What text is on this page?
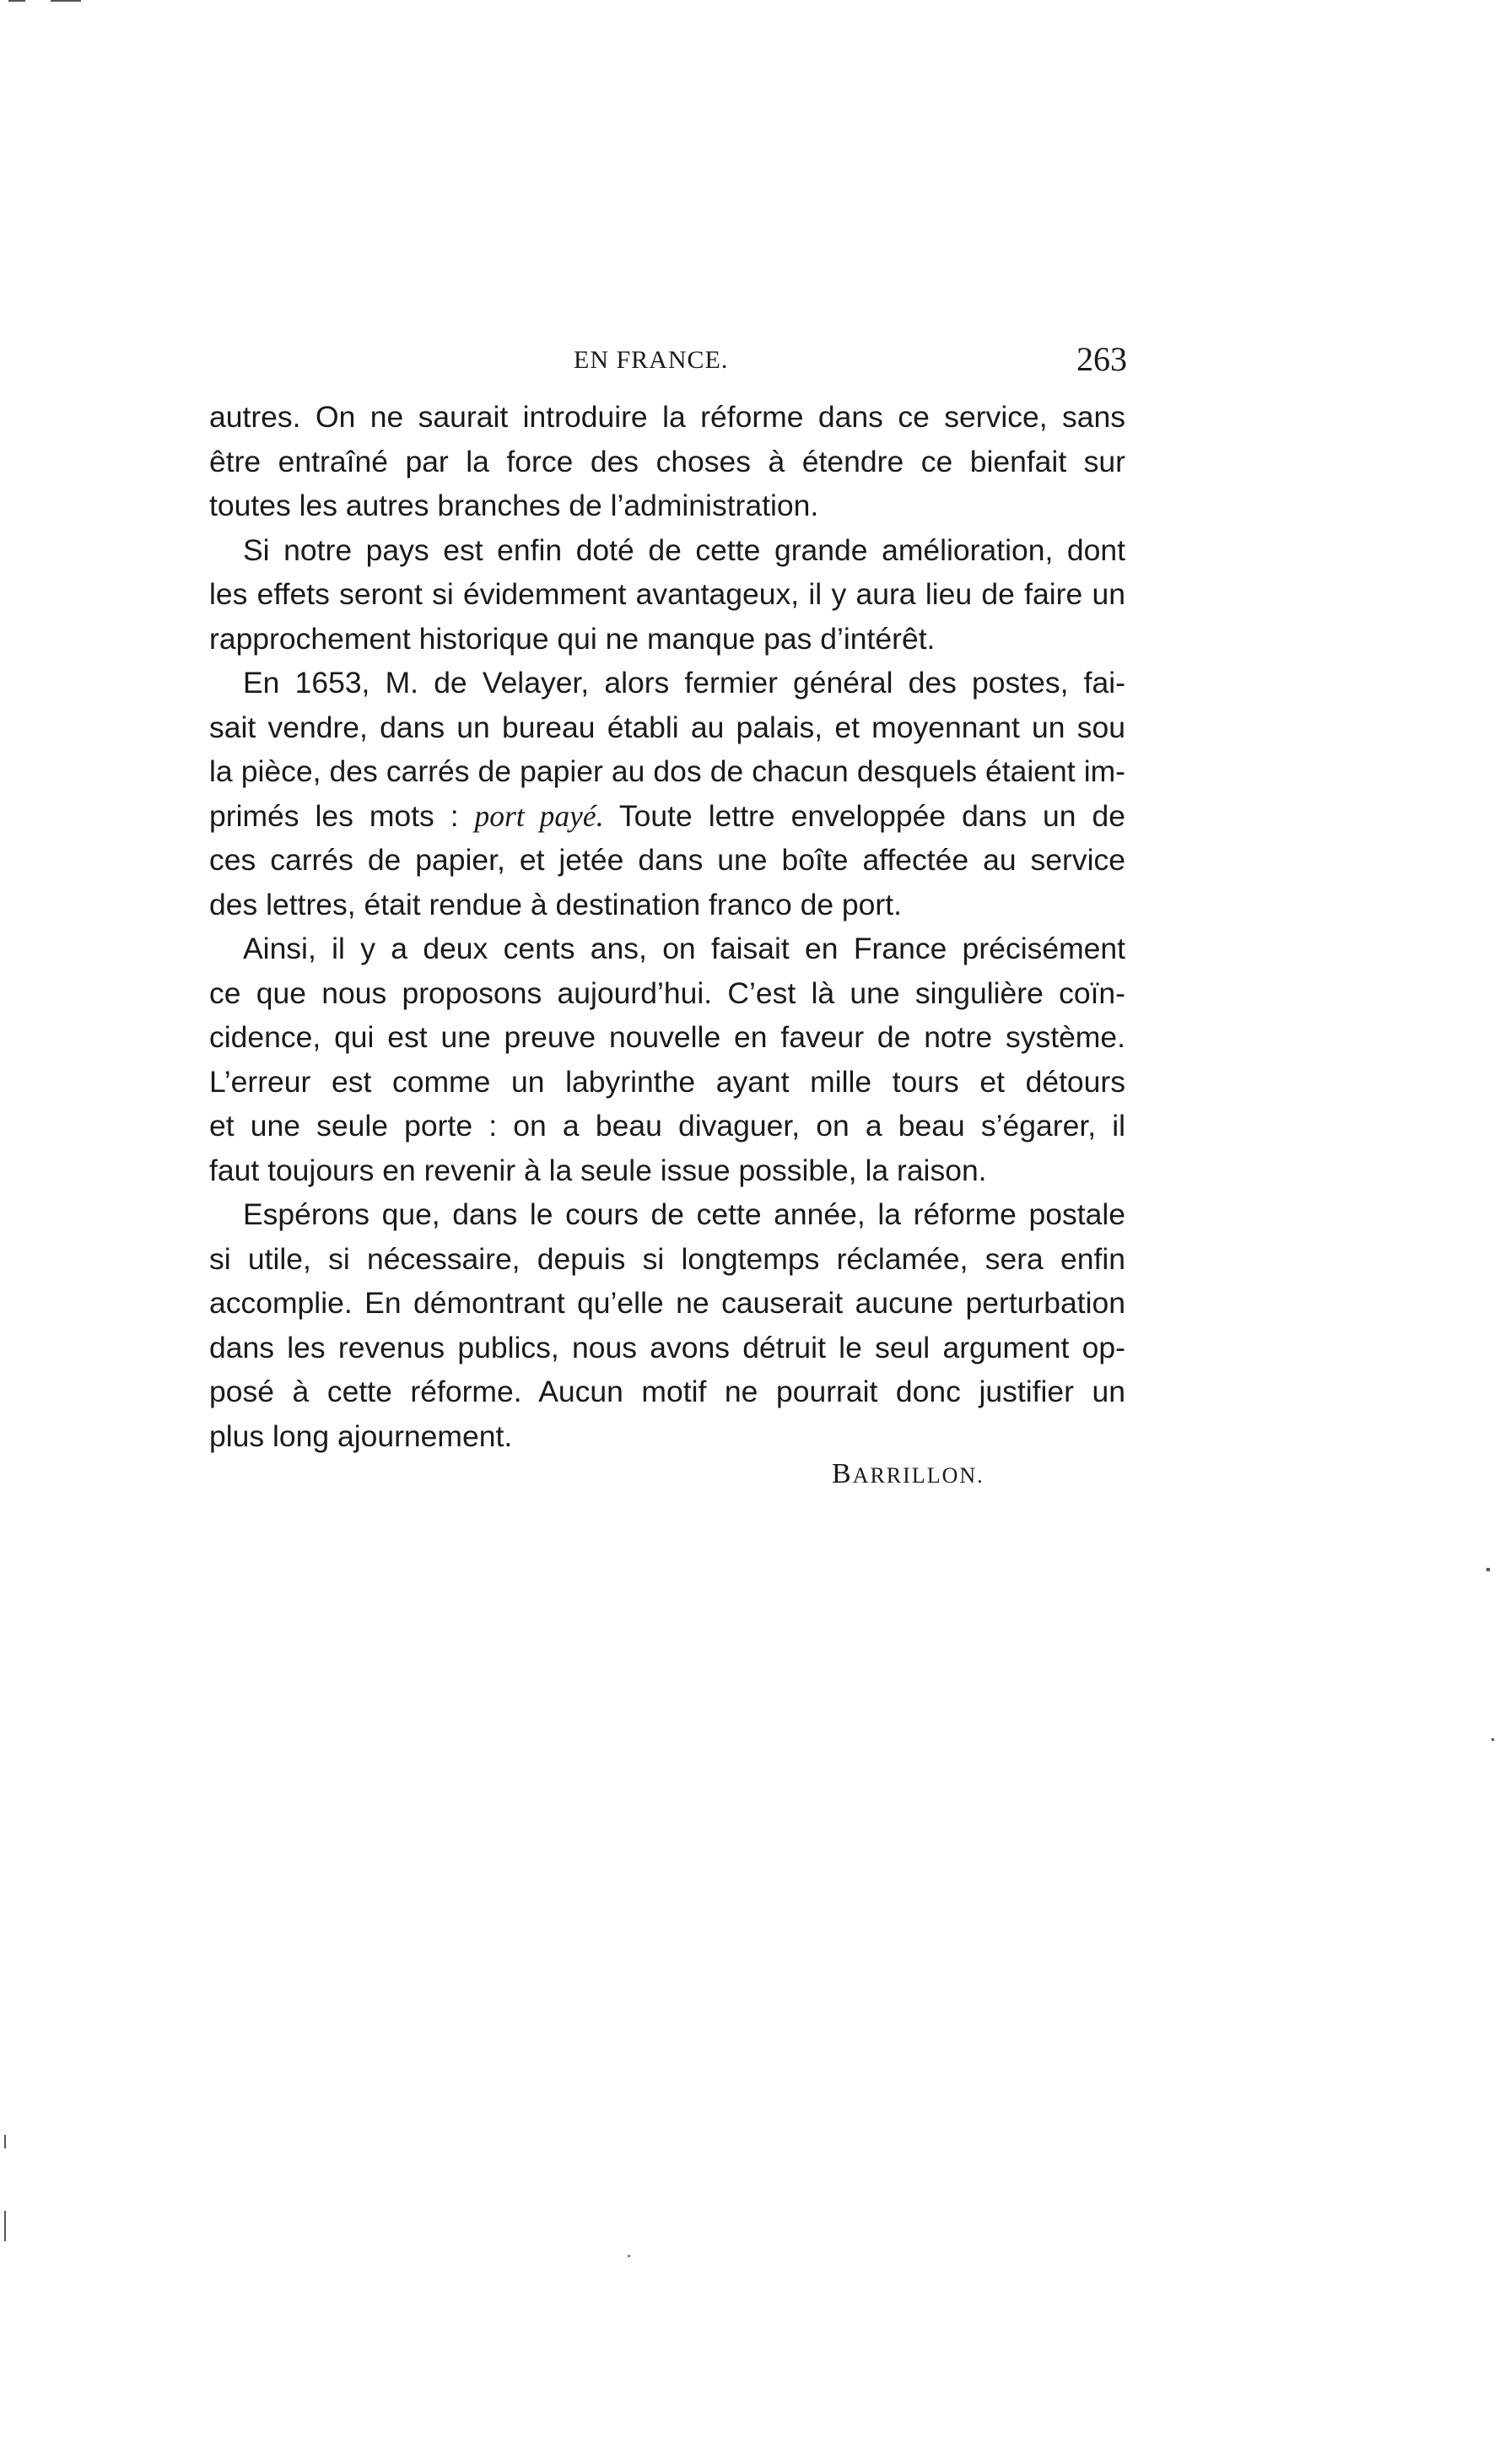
EN FRANCE.	263
autres. On ne saurait introduire la réforme dans ce service, sans
être entraîné par la force des choses à étendre ce bienfait sur
toutes les autres branches de l’administration.
Si notre pays est enfin doté de cette grande amélioration, dont
les effets seront si évidemment avantageux, il y aura lieu de faire un
rapprochement historique qui ne manque pas d’intérêt.
En 1653, M. de Velayer, alors fermier général des postes, fai-
sait vendre, dans un bureau établi au palais, et moyennant un sou
la pièce, des carrés de papier au dos de chacun desquels étaient im-
primés les mots : port payé. Toute lettre enveloppée dans un de
ces carrés de papier, et jetée dans une boîte affectée au service
des lettres, était rendue à destination franco de port.
Ainsi, il y a deux cents ans, on faisait en France précisément
ce que nous proposons aujourd’hui. C’est là une singulière coïn-
cidence, qui est une preuve nouvelle en faveur de notre système.
L’erreur est comme un labyrinthe ayant mille tours et détours
et une seule porte : on a beau divaguer, on a beau s’égarer, il
faut toujours en revenir à la seule issue possible, la raison.
Espérons que, dans le cours de cette année, la réforme postale
si utile, si nécessaire, depuis si longtemps réclamée, sera enfin
accomplie. En démontrant qu’elle ne causerait aucune perturbation
dans les revenus publics, nous avons détruit le seul argument op-
posé à cette réforme. Aucun motif ne pourrait donc justifier un
plus long ajournement.
BARRILLON.
